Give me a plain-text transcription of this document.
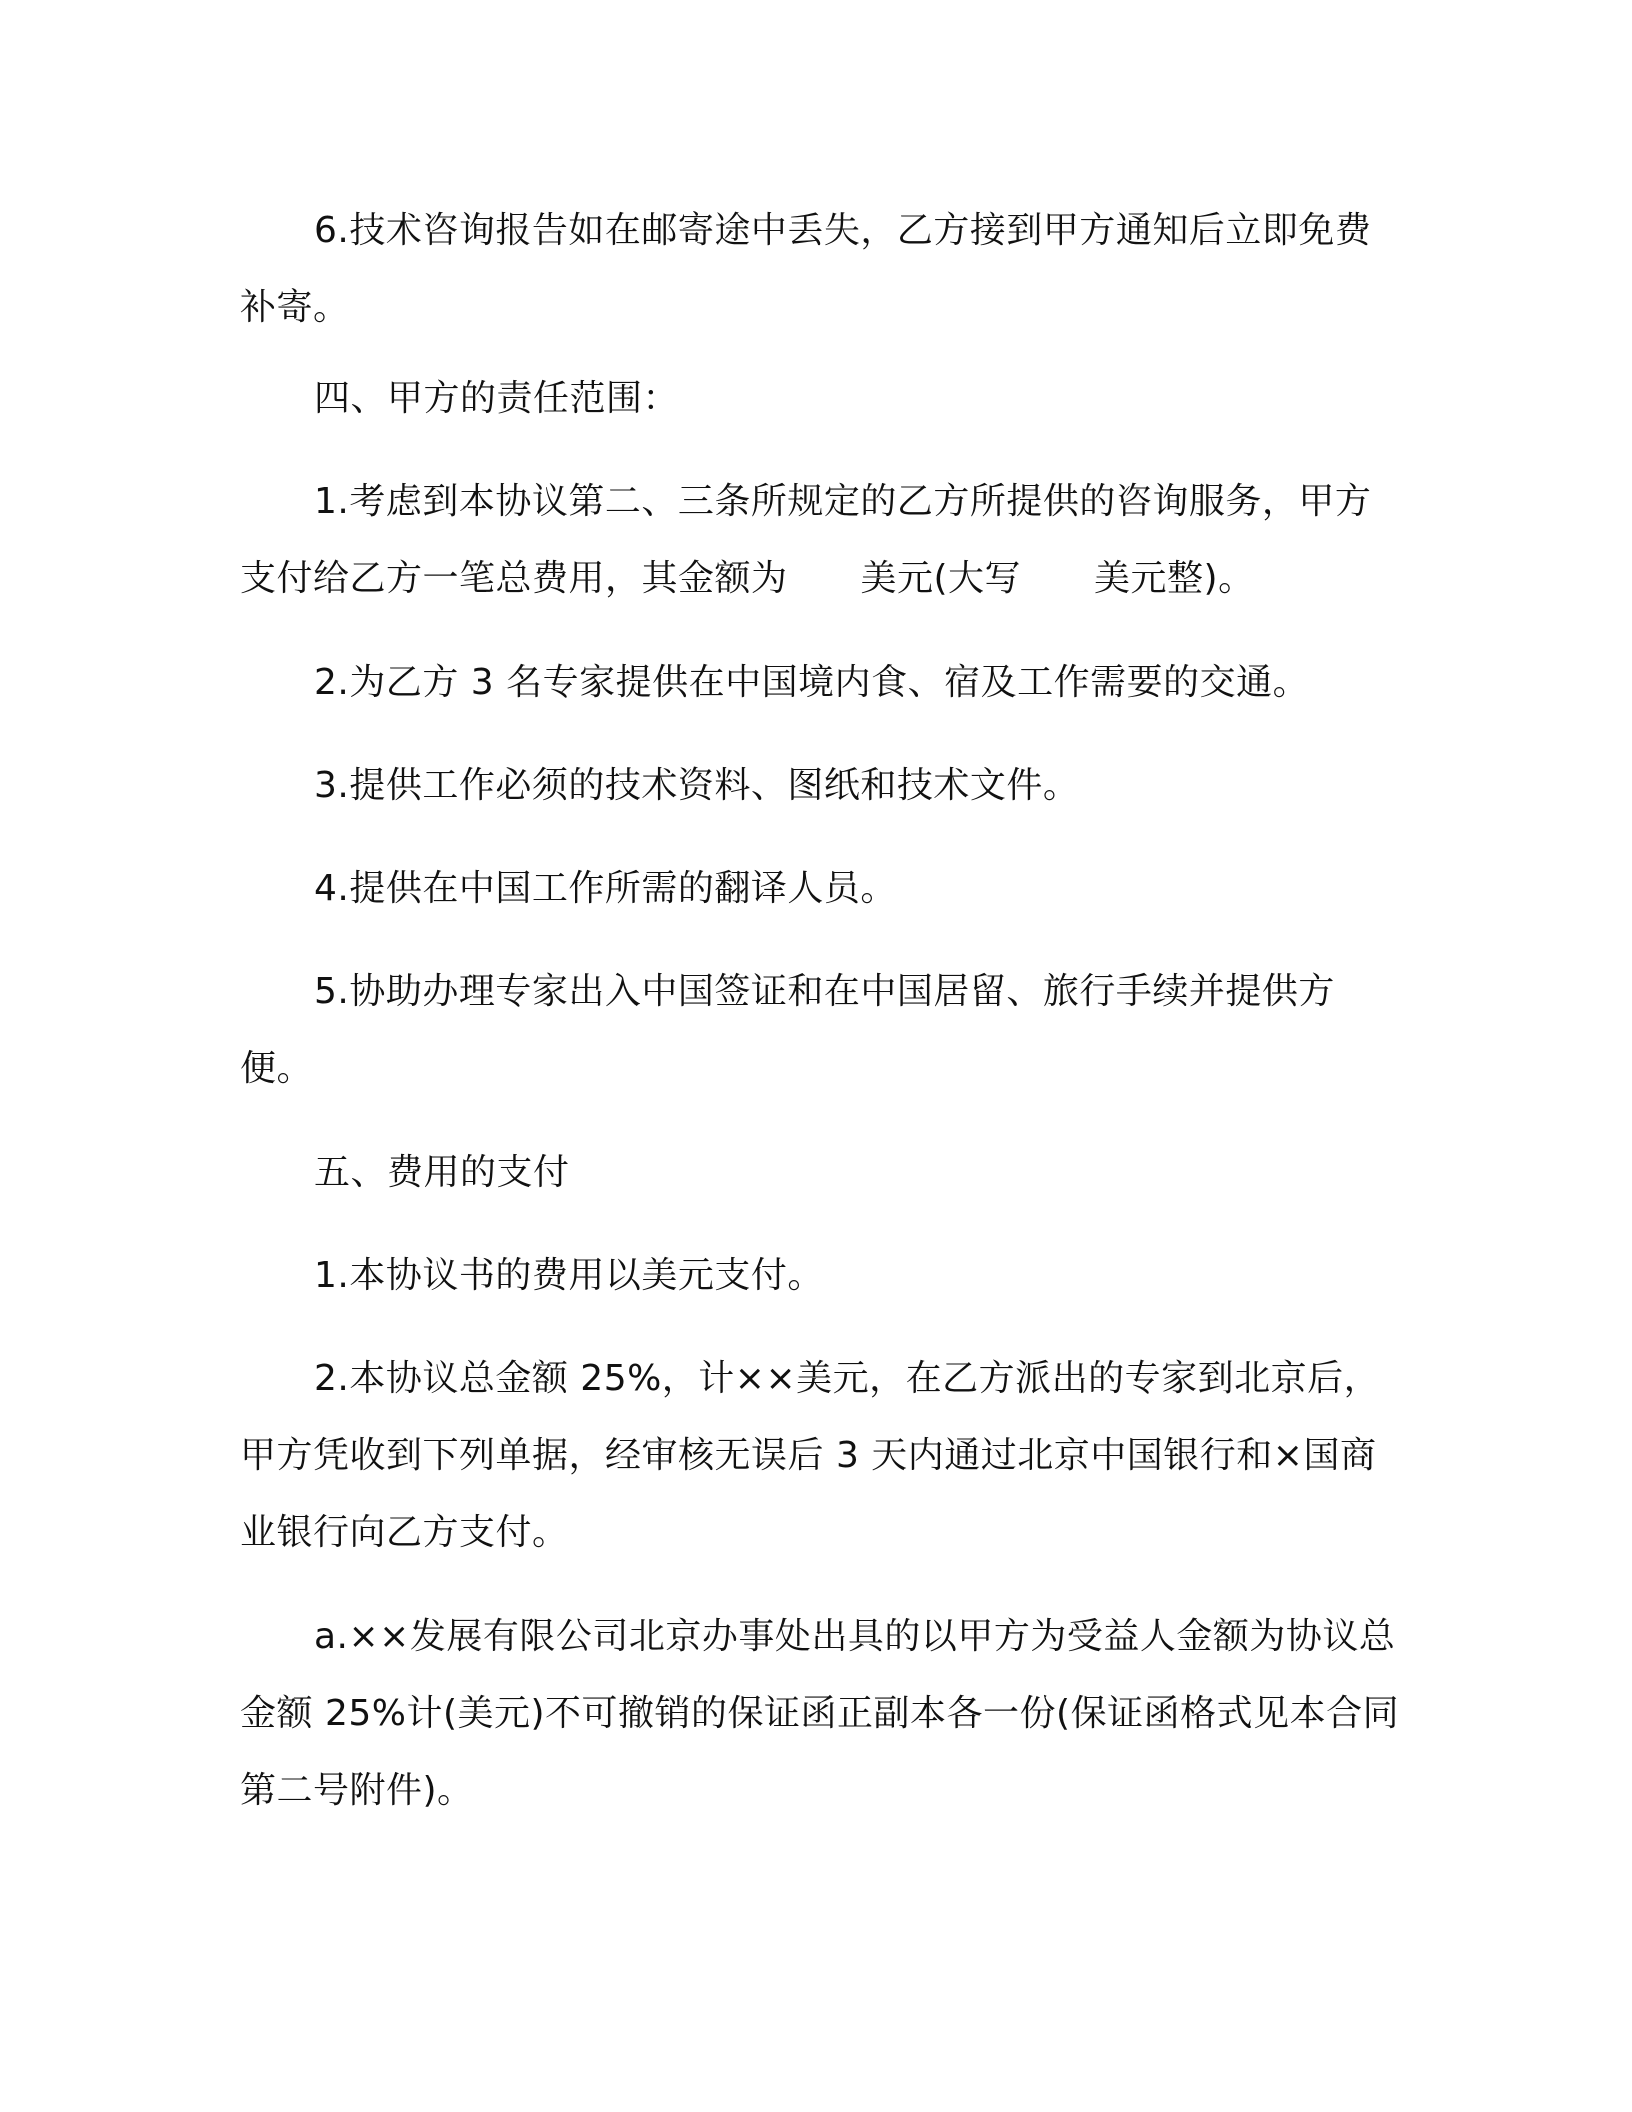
6.技术咨询报告如在邮寄途中丢失，乙方接到甲方通知后立即免费补寄。

四、甲方的责任范围：

1.考虑到本协议第二、三条所规定的乙方所提供的咨询服务，甲方支付给乙方一笔总费用，其金额为　　美元(大写　　美元整)。

2.为乙方 3 名专家提供在中国境内食、宿及工作需要的交通。

3.提供工作必须的技术资料、图纸和技术文件。

4.提供在中国工作所需的翻译人员。

5.协助办理专家出入中国签证和在中国居留、旅行手续并提供方便。

五、费用的支付

1.本协议书的费用以美元支付。

2.本协议总金额 25%，计××美元，在乙方派出的专家到北京后，甲方凭收到下列单据，经审核无误后 3 天内通过北京中国银行和×国商业银行向乙方支付。

a.××发展有限公司北京办事处出具的以甲方为受益人金额为协议总金额 25%计(美元)不可撤销的保证函正副本各一份(保证函格式见本合同第二号附件)。
